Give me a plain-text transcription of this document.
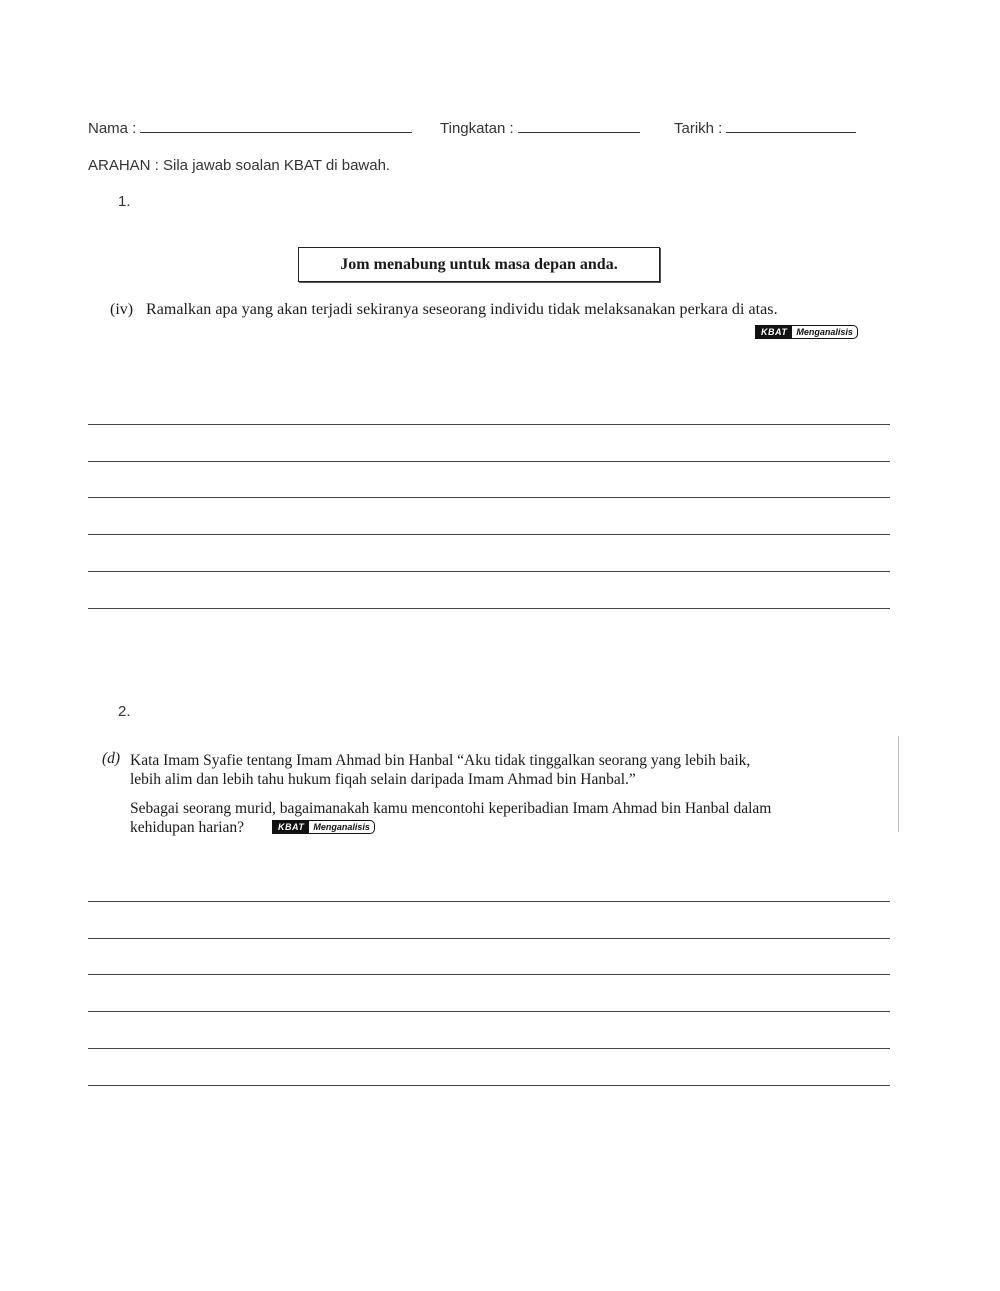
Nama :	Tingkatan :	Tarikh :
ARAHAN : Sila jawab soalan KBAT di bawah.
1.
Jom menabung untuk masa depan anda.
(iv) Ramalkan apa yang akan terjadi sekiranya seseorang individu tidak melaksanakan perkara di atas.
KBAT	Menganalisis
2.
(d) Kata Imam Syafie tentang Imam Ahmad bin Hanbal “Aku tidak tinggalkan seorang yang lebih baik,
lebih alim dan lebih tahu hukum fiqah selain daripada Imam Ahmad bin Hanbal.”
Sebagai seorang murid, bagaimanakah kamu mencontohi keperibadian Imam Ahmad bin Hanbal dalam
kehidupan harian?	KBAT	Menganalisis
